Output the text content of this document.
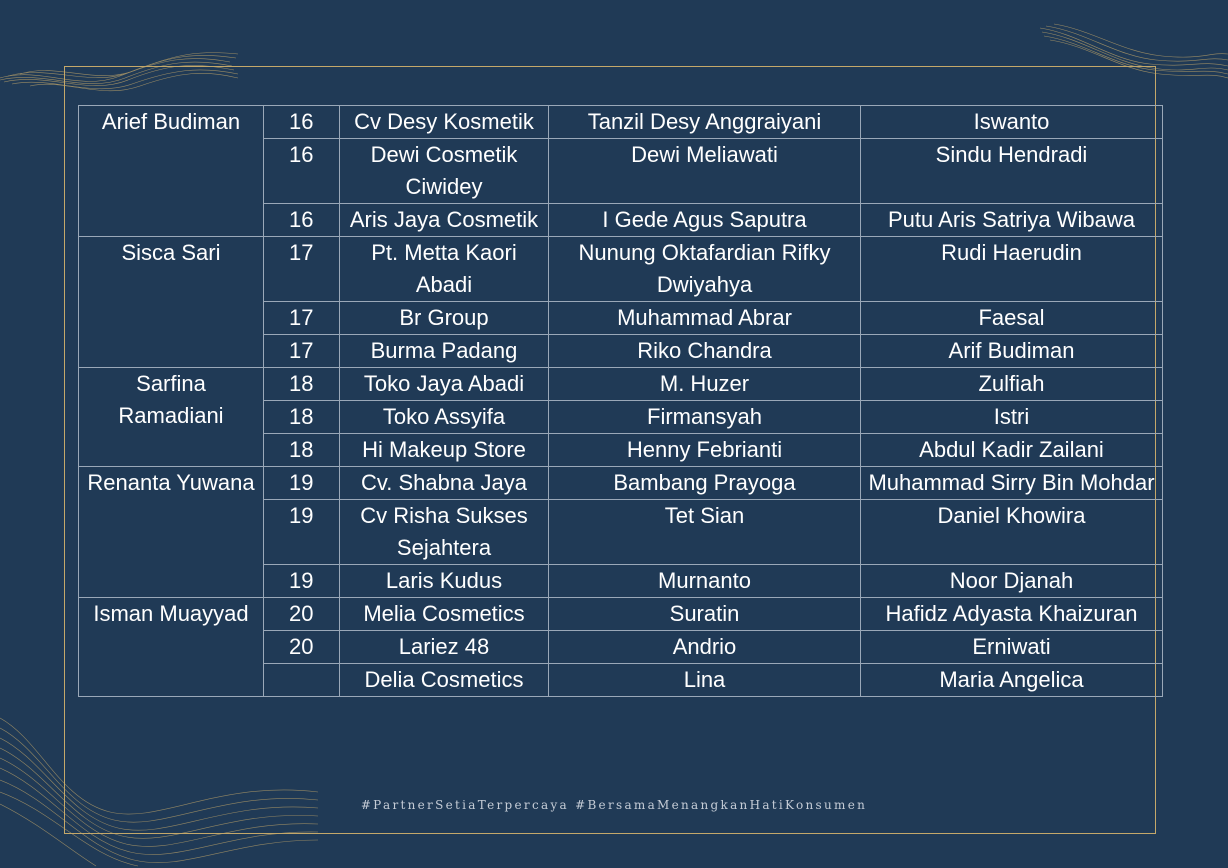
Arief Budiman	16	Cv Desy Kosmetik	Tanzil Desy Anggraiyani	Iswanto
	16	Dewi Cosmetik Ciwidey	Dewi Meliawati	Sindu Hendradi
	16	Aris Jaya Cosmetik	I Gede Agus Saputra	Putu Aris Satriya Wibawa
Sisca Sari	17	Pt. Metta Kaori Abadi	Nunung Oktafardian Rifky Dwiyahya	Rudi Haerudin
	17	Br Group	Muhammad Abrar	Faesal
	17	Burma Padang	Riko Chandra	Arif Budiman
Sarfina Ramadiani	18	Toko Jaya Abadi	M. Huzer	Zulfiah
	18	Toko Assyifa	Firmansyah	Istri
	18	Hi Makeup Store	Henny Febrianti	Abdul Kadir Zailani
Renanta Yuwana	19	Cv. Shabna Jaya	Bambang Prayoga	Muhammad Sirry Bin Mohdar
	19	Cv Risha Sukses Sejahtera	Tet Sian	Daniel Khowira
	19	Laris Kudus	Murnanto	Noor Djanah
Isman Muayyad	20	Melia Cosmetics	Suratin	Hafidz Adyasta Khaizuran
	20	Lariez 48	Andrio	Erniwati
		Delia Cosmetics	Lina	Maria Angelica
#PartnerSetiaTerpercaya #BersamaMenangkanHatiKonsumen
